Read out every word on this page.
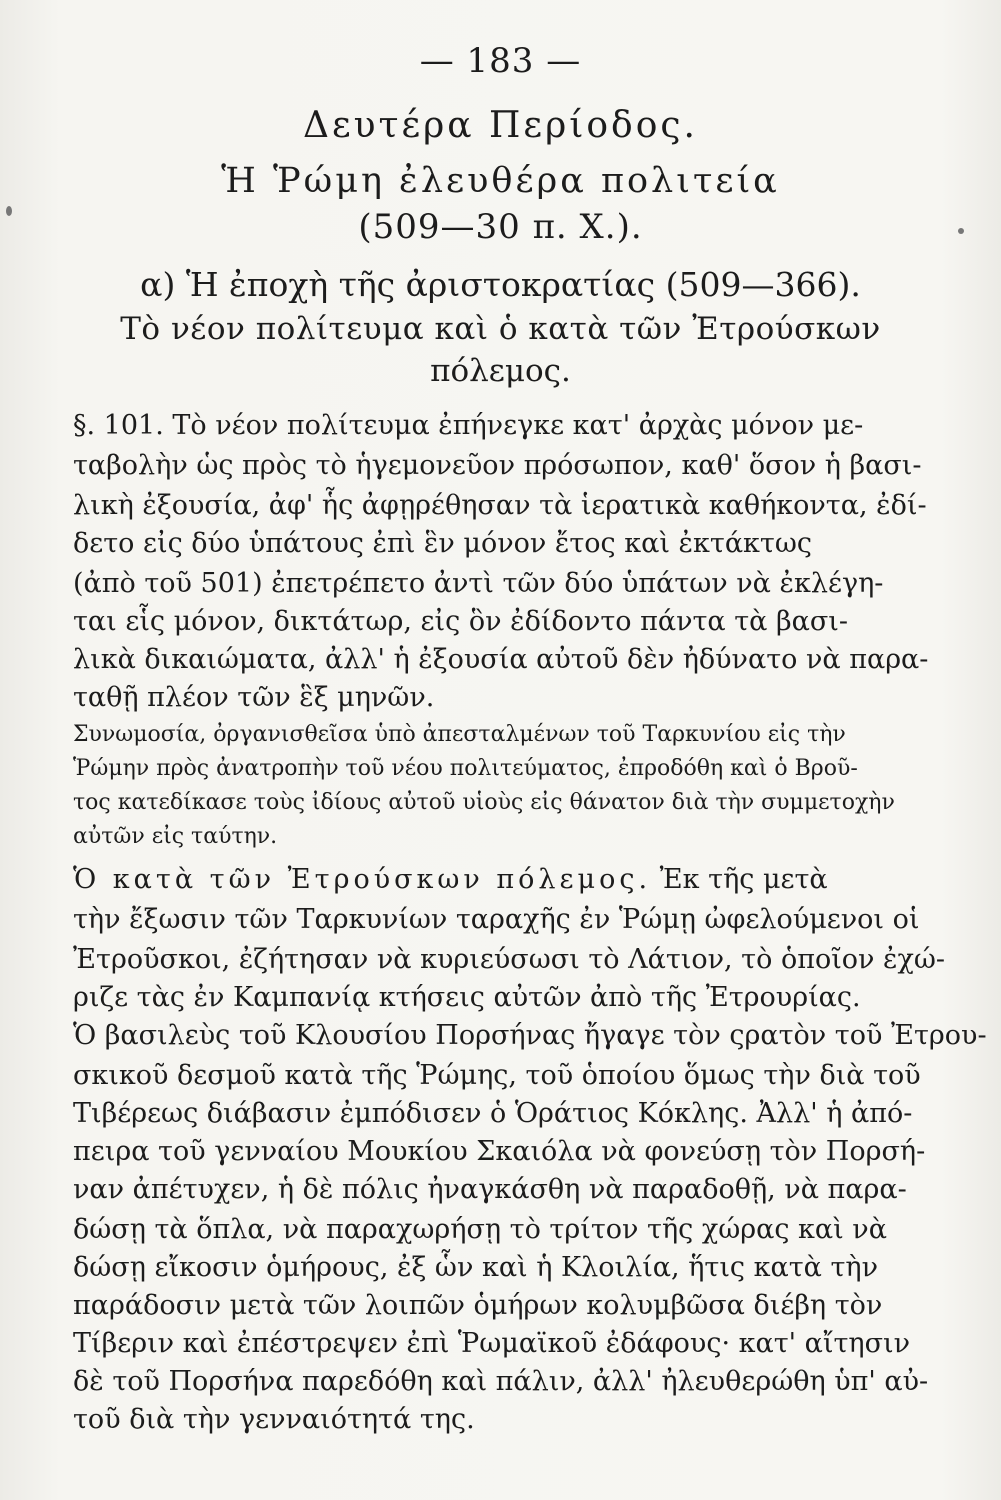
— 183 —
Δευτέρα Περίοδος.
Ἡ Ῥώμη ἐλευθέρα πολιτεία
(509—30 π. Χ.).
α) Ἡ ἐποχὴ τῆς ἀριστοκρατίας (509—366).
Τὸ νέον πολίτευμα καὶ ὁ κατὰ τῶν Ἐτρούσκων
πόλεμος.
§. 101. Τὸ νέον πολίτευμα ἐπήνεγκε κατ' ἀρχὰς μόνον με-
ταβολὴν ὡς πρὸς τὸ ἡγεμονεῦον πρόσωπον, καθ' ὅσον ἡ βασι-
λικὴ ἐξουσία, ἀφ' ἧς ἀφῃρέθησαν τὰ ἱερατικὰ καθήκοντα, ἐδί-
δετο εἰς δύο ὑπάτους ἐπὶ ἓν μόνον ἔτος καὶ ἐκτάκτως
(ἀπὸ τοῦ 501) ἐπετρέπετο ἀντὶ τῶν δύο ὑπάτων νὰ ἐκλέγη-
ται εἷς μόνον, δικτάτωρ, εἰς ὃν ἐδίδοντο πάντα τὰ βασι-
λικὰ δικαιώματα, ἀλλ' ἡ ἐξουσία αὐτοῦ δὲν ἠδύνατο νὰ παρα-
ταθῇ πλέον τῶν ἓξ μηνῶν.
Συνωμοσία, ὀργανισθεῖσα ὑπὸ ἀπεσταλμένων τοῦ Ταρκυνίου εἰς τὴν
Ῥώμην πρὸς ἀνατροπὴν τοῦ νέου πολιτεύματος, ἐπροδόθη καὶ ὁ Βροῦ-
τος κατεδίκασε τοὺς ἰδίους αὐτοῦ υἱοὺς εἰς θάνατον διὰ τὴν συμμετοχὴν
αὐτῶν εἰς ταύτην.
Ὁ κατὰ τῶν Ἐτρούσκων πόλεμος. Ἐκ τῆς μετὰ
τὴν ἔξωσιν τῶν Ταρκυνίων ταραχῆς ἐν Ῥώμῃ ὠφελούμενοι οἱ
Ἐτροῦσκοι, ἐζήτησαν νὰ κυριεύσωσι τὸ Λάτιον, τὸ ὁποῖον ἐχώ-
ριζε τὰς ἐν Καμπανίᾳ κτήσεις αὐτῶν ἀπὸ τῆς Ἐτρουρίας.
Ὁ βασιλεὺς τοῦ Κλουσίου Πορσήνας ἤγαγε τὸν ςρατὸν τοῦ Ἐτρου-
σκικοῦ δεσμοῦ κατὰ τῆς Ῥώμης, τοῦ ὁποίου ὅμως τὴν διὰ τοῦ
Τιβέρεως διάβασιν ἐμπόδισεν ὁ Ὁράτιος Κόκλης. Ἀλλ' ἡ ἀπό-
πειρα τοῦ γενναίου Μουκίου Σκαιόλα νὰ φονεύσῃ τὸν Πορσή-
ναν ἀπέτυχεν, ἡ δὲ πόλις ἠναγκάσθη νὰ παραδοθῇ, νὰ παρα-
δώσῃ τὰ ὅπλα, νὰ παραχωρήσῃ τὸ τρίτον τῆς χώρας καὶ νὰ
δώσῃ εἴκοσιν ὁμήρους, ἐξ ὧν καὶ ἡ Κλοιλία, ἥτις κατὰ τὴν
παράδοσιν μετὰ τῶν λοιπῶν ὁμήρων κολυμβῶσα διέβη τὸν
Τίβεριν καὶ ἐπέστρεψεν ἐπὶ Ῥωμαϊκοῦ ἐδάφους· κατ' αἴτησιν
δὲ τοῦ Πορσήνα παρεδόθη καὶ πάλιν, ἀλλ' ἠλευθερώθη ὑπ' αὐ-
τοῦ διὰ τὴν γενναιότητά της.
